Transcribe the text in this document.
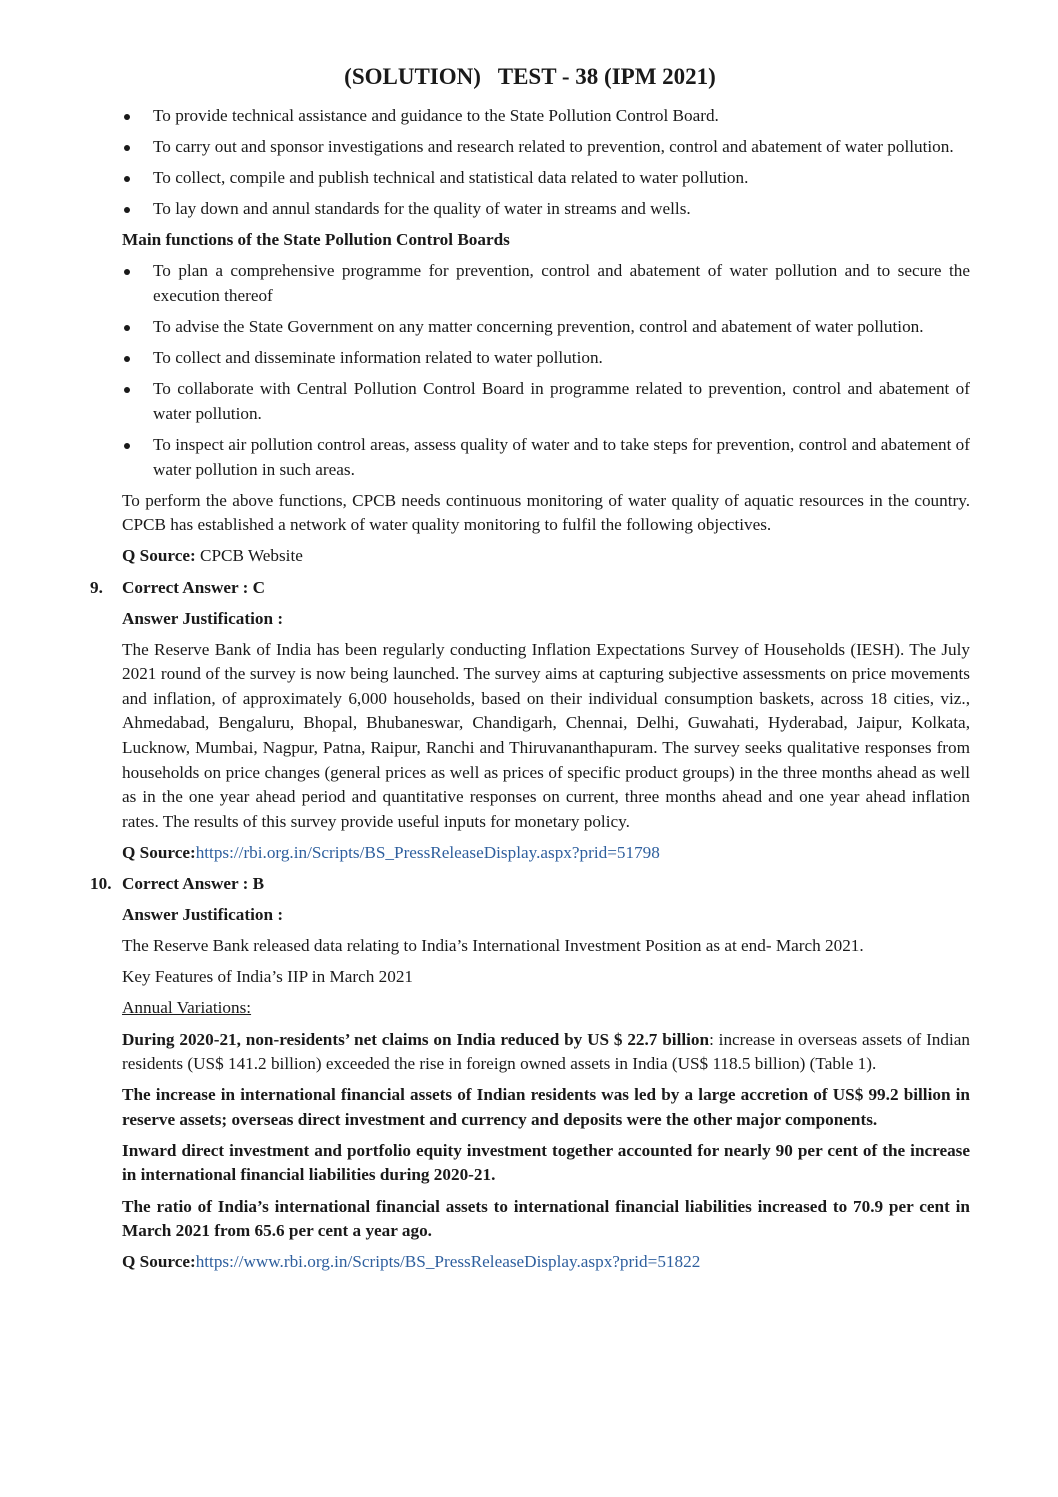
(SOLUTION)   TEST - 38 (IPM 2021)
To provide technical assistance and guidance to the State Pollution Control Board.
To carry out and sponsor investigations and research related to prevention, control and abatement of water pollution.
To collect, compile and publish technical and statistical data related to water pollution.
To lay down and annul standards for the quality of water in streams and wells.
Main functions of the State Pollution Control Boards
To plan a comprehensive programme for prevention, control and abatement of water pollution and to secure the execution thereof
To advise the State Government on any matter concerning prevention, control and abatement of water pollution.
To collect and disseminate information related to water pollution.
To collaborate with Central Pollution Control Board in programme related to prevention, control and abatement of water pollution.
To inspect air pollution control areas, assess quality of water and to take steps for prevention, control and abatement of water pollution in such areas.

To perform the above functions, CPCB needs continuous monitoring of water quality of aquatic resources in the country. CPCB has established a network of water quality monitoring to fulfil the following objectives.

Q Source: CPCB Website

9. Correct Answer : C

Answer Justification :

The Reserve Bank of India has been regularly conducting Inflation Expectations Survey of Households (IESH). The July 2021 round of the survey is now being launched. The survey aims at capturing subjective assessments on price movements and inflation, of approximately 6,000 households, based on their individual consumption baskets, across 18 cities, viz., Ahmedabad, Bengaluru, Bhopal, Bhubaneswar, Chandigarh, Chennai, Delhi, Guwahati, Hyderabad, Jaipur, Kolkata, Lucknow, Mumbai, Nagpur, Patna, Raipur, Ranchi and Thiruvananthapuram. The survey seeks qualitative responses from households on price changes (general prices as well as prices of specific product groups) in the three months ahead as well as in the one year ahead period and quantitative responses on current, three months ahead and one year ahead inflation rates. The results of this survey provide useful inputs for monetary policy.

Q Source:https://rbi.org.in/Scripts/BS_PressReleaseDisplay.aspx?prid=51798

10. Correct Answer : B

Answer Justification :

The Reserve Bank released data relating to India’s International Investment Position as at end- March 2021.

Key Features of India’s IIP in March 2021

Annual Variations:

During 2020-21, non-residents’ net claims on India reduced by US $ 22.7 billion: increase in overseas assets of Indian residents (US$ 141.2 billion) exceeded the rise in foreign owned assets in India (US$ 118.5 billion) (Table 1).

The increase in international financial assets of Indian residents was led by a large accretion of US$ 99.2 billion in reserve assets; overseas direct investment and currency and deposits were the other major components.

Inward direct investment and portfolio equity investment together accounted for nearly 90 per cent of the increase in international financial liabilities during 2020-21.

The ratio of India’s international financial assets to international financial liabilities increased to 70.9 per cent in March 2021 from 65.6 per cent a year ago.

Q Source:https://www.rbi.org.in/Scripts/BS_PressReleaseDisplay.aspx?prid=51822
